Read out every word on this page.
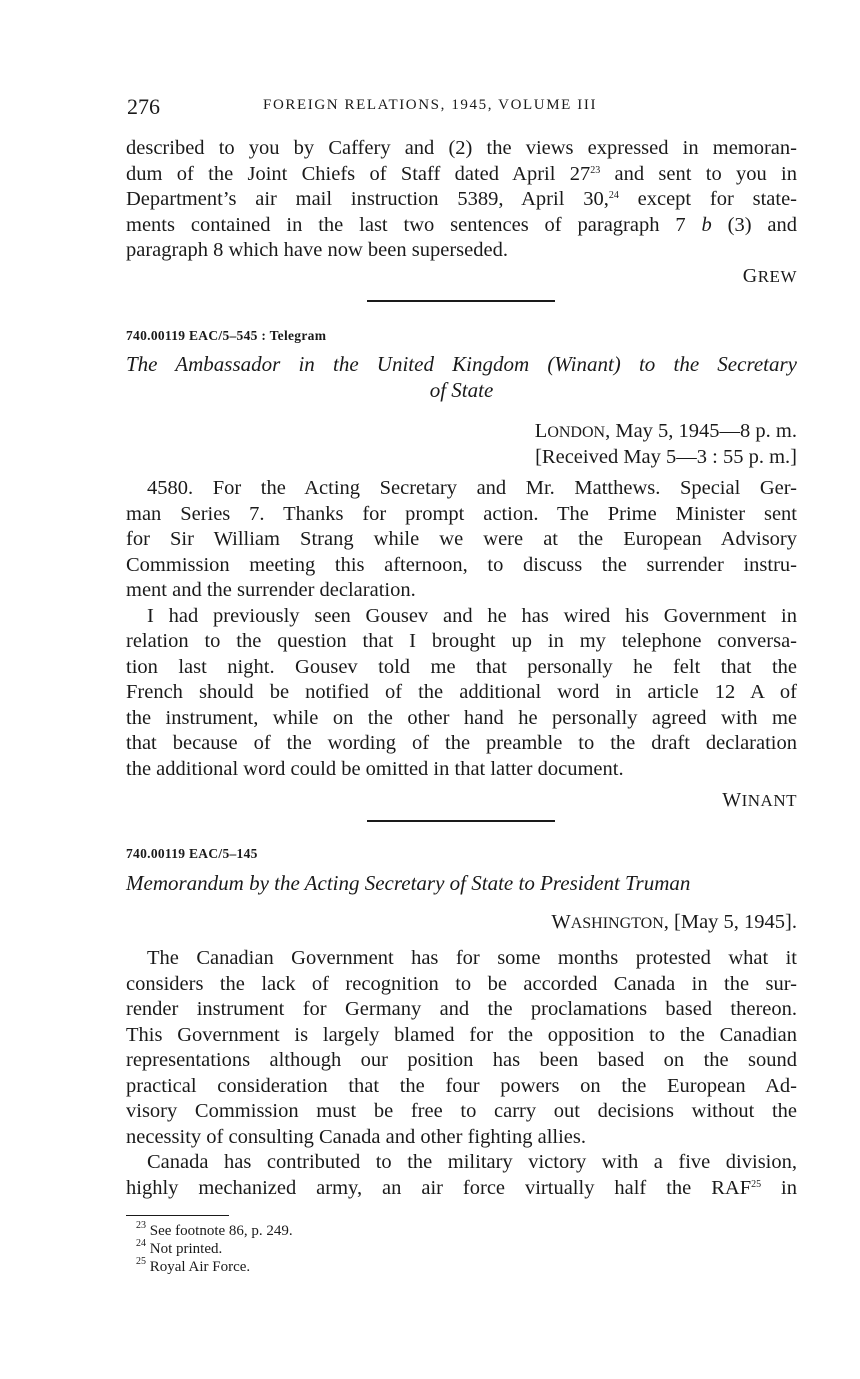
276	FOREIGN RELATIONS, 1945, VOLUME III
described to you by Caffery and (2) the views expressed in memoran-
dum of the Joint Chiefs of Staff dated April $27^{23}$ and sent to you in
Department’s air mail instruction 5389, April 30,24 except for state-
ments contained in the last two sentences of paragraph 7 b (3) and
paragraph 8 which have now been superseded.
GREW
740.00119 EAC/5–545 : Telegram
The Ambassador in the United Kingdom (Winant) to the Secretary
of State
LONDON, May 5, 1945—8 p. m.
[Received May 5—3 : 55 p. m.]
4580. For the Acting Secretary and Mr. Matthews. Special Ger-
man Series 7. Thanks for prompt action. The Prime Minister sent
for Sir William Strang while we were at the European Advisory
Commission meeting this afternoon, to discuss the surrender instru-
ment and the surrender declaration.
I had previously seen Gousev and he has wired his Government in
relation to the question that I brought up in my telephone conversa-
tion last night. Gousev told me that personally he felt that the
French should be notified of the additional word in article 12 A of
the instrument, while on the other hand he personally agreed with me
that because of the wording of the preamble to the draft declaration
the additional word could be omitted in that latter document.
WINANT
740.00119 EAC/5–145
Memorandum by the Acting Secretary of State to President Truman
WASHINGTON, [May 5, 1945].
The Canadian Government has for some months protested what it
considers the lack of recognition to be accorded Canada in the sur-
render instrument for Germany and the proclamations based thereon.
This Government is largely blamed for the opposition to the Canadian
representations although our position has been based on the sound
practical consideration that the four powers on the European Ad-
visory Commission must be free to carry out decisions without the
necessity of consulting Canada and other fighting allies.
Canada has contributed to the military victory with a five division,
highly mechanized army, an air force virtually half the RAF$^{25}$ in
$^{23}$ See footnote 86, p. 249.
$^{24}$ Not printed.
$^{25}$ Royal Air Force.
